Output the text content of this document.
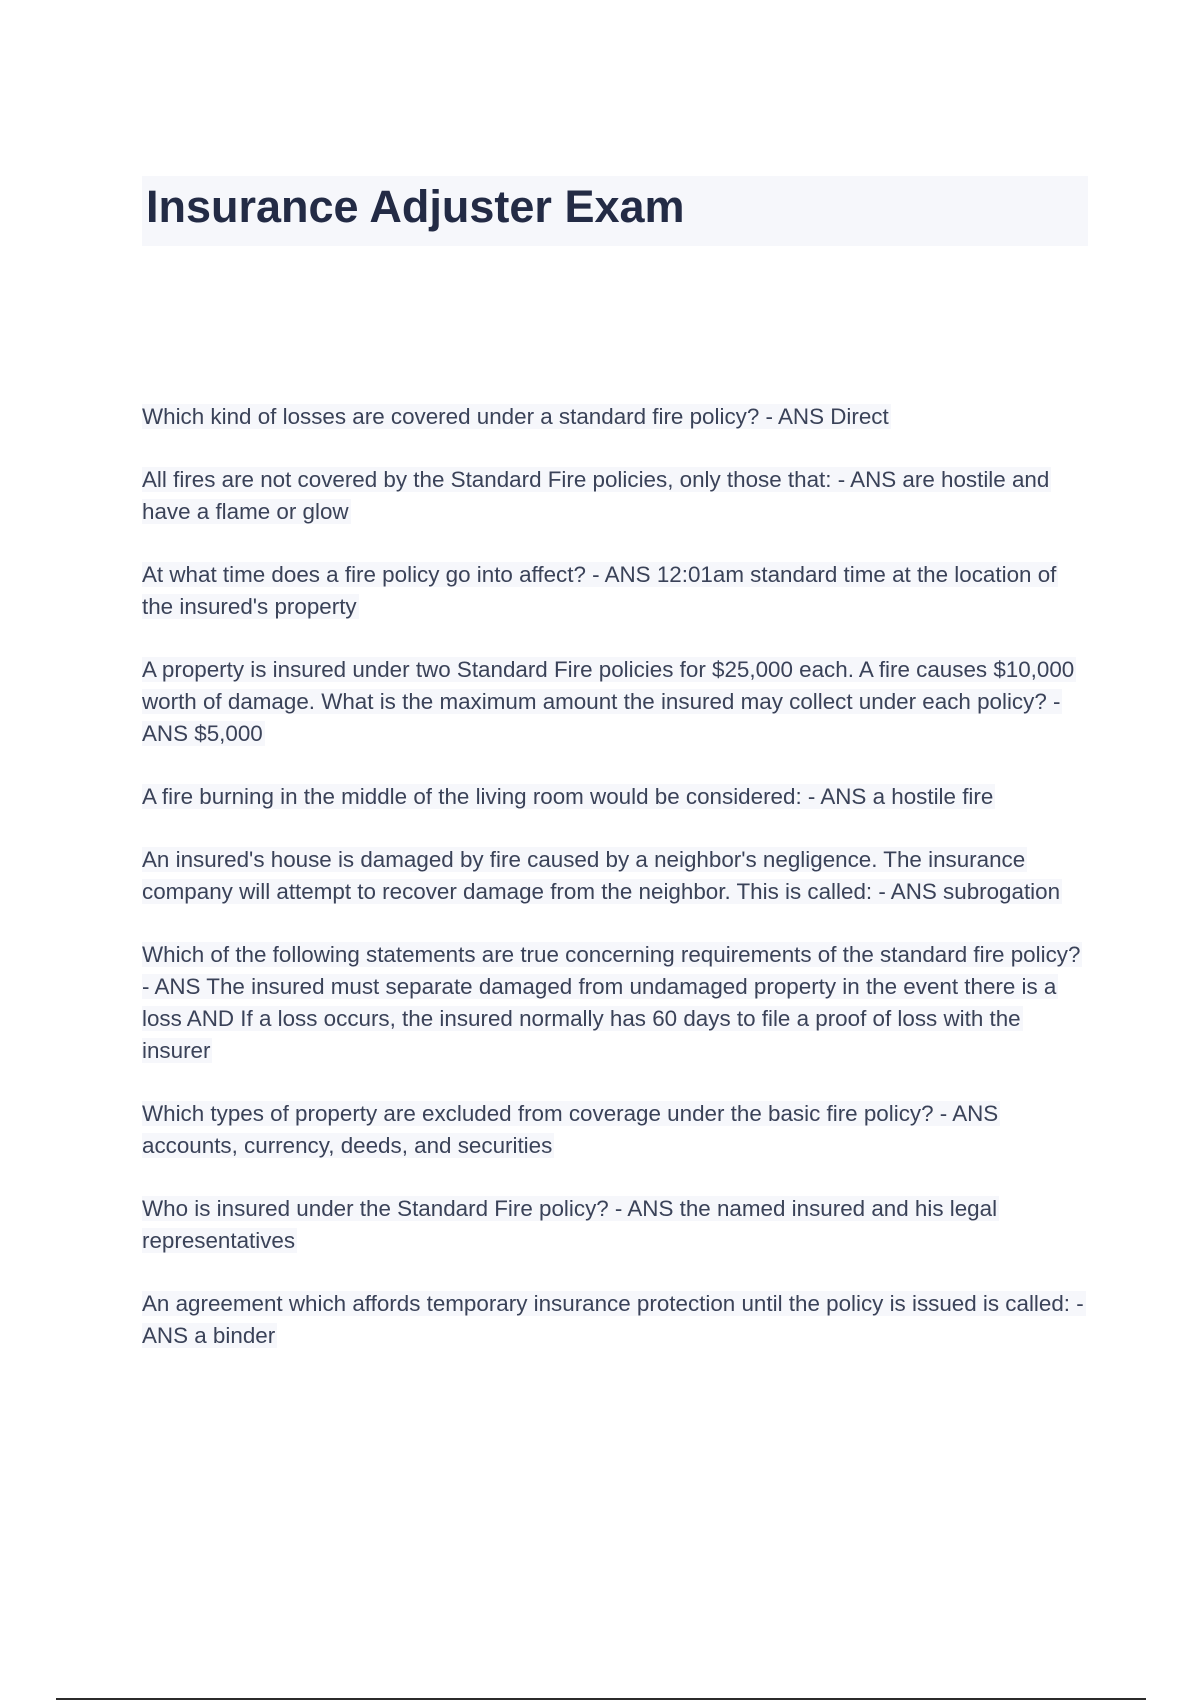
Insurance Adjuster Exam

Which kind of losses are covered under a standard fire policy? - ANS Direct

All fires are not covered by the Standard Fire policies, only those that: - ANS are hostile and have a flame or glow

At what time does a fire policy go into affect? - ANS 12:01am standard time at the location of the insured's property

A property is insured under two Standard Fire policies for $25,000 each. A fire causes $10,000 worth of damage. What is the maximum amount the insured may collect under each policy? - ANS $5,000

A fire burning in the middle of the living room would be considered: - ANS a hostile fire

An insured's house is damaged by fire caused by a neighbor's negligence. The insurance company will attempt to recover damage from the neighbor. This is called: - ANS subrogation

Which of the following statements are true concerning requirements of the standard fire policy? - ANS The insured must separate damaged from undamaged property in the event there is a loss AND If a loss occurs, the insured normally has 60 days to file a proof of loss with the insurer

Which types of property are excluded from coverage under the basic fire policy? - ANS accounts, currency, deeds, and securities

Who is insured under the Standard Fire policy? - ANS the named insured and his legal representatives

An agreement which affords temporary insurance protection until the policy is issued is called: - ANS a binder
